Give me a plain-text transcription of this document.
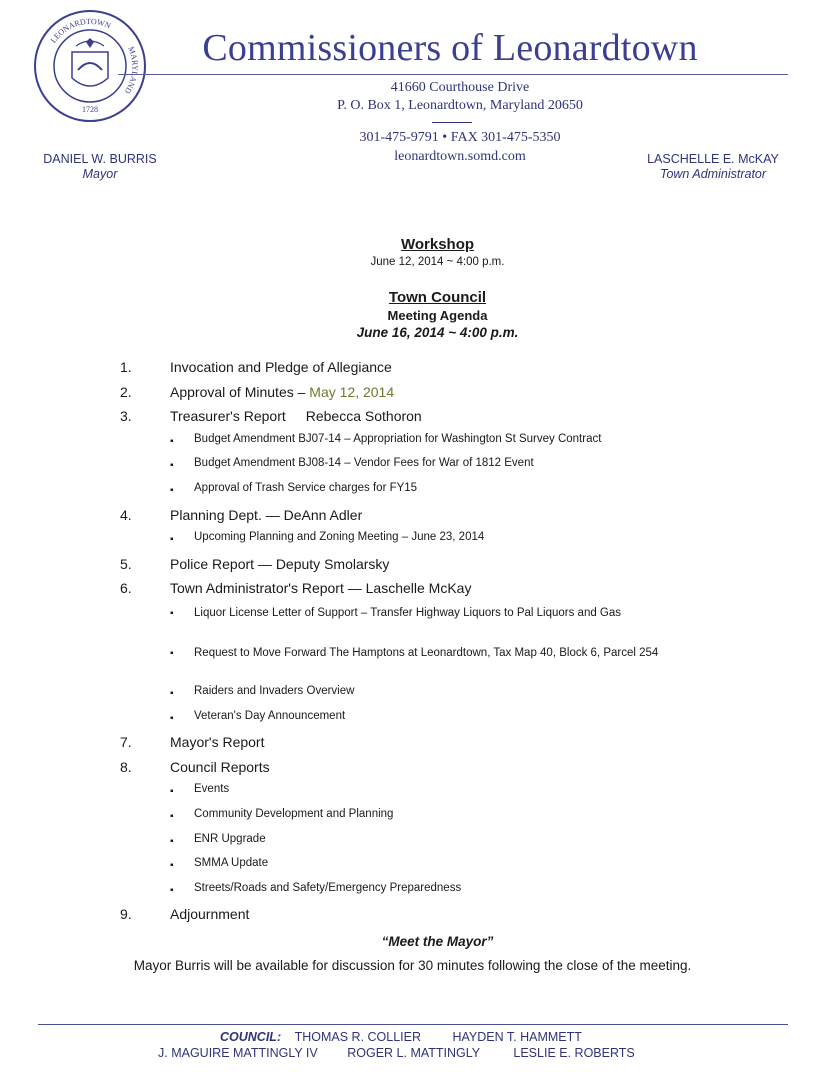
LEONARDTOWN
MARYLAND
1728
Commissioners of Leonardtown
41660 Courthouse Drive
P. O. Box 1, Leonardtown, Maryland 20650
301-475-9791 • FAX 301-475-5350
leonardtown.somd.com
DANIEL W. BURRIS
Mayor
LASCHELLE E. McKAY
Town Administrator
Workshop
June 12, 2014 ~ 4:00 p.m.
Town Council
Meeting Agenda
June 16, 2014 ~ 4:00 p.m.
1.	Invocation and Pledge of Allegiance
2.	Approval of Minutes – May 12, 2014
3.	Treasurer's Report Rebecca Sothoron
▪ Budget Amendment BJ07-14 – Appropriation for Washington St Survey Contract
▪ Budget Amendment BJ08-14 – Vendor Fees for War of 1812 Event
▪ Approval of Trash Service charges for FY15
4.	Planning Dept. — DeAnn Adler
▪ Upcoming Planning and Zoning Meeting – June 23, 2014
5.	Police Report — Deputy Smolarsky
6.	Town Administrator's Report — Laschelle McKay
▪ Liquor License Letter of Support – Transfer Highway Liquors to Pal Liquors and Gas
▪ Request to Move Forward The Hamptons at Leonardtown, Tax Map 40, Block 6, Parcel 254
▪ Raiders and Invaders Overview
▪ Veteran's Day Announcement
7.	Mayor's Report
8.	Council Reports
▪ Events
▪ Community Development and Planning
▪ ENR Upgrade
▪ SMMA Update
▪ Streets/Roads and Safety/Emergency Preparedness
9.	Adjournment
“Meet the Mayor”
Mayor Burris will be available for discussion for 30 minutes following the close of the meeting.
COUNCIL: THOMAS R. COLLIER	HAYDEN T. HAMMETT
J. MAGUIRE MATTINGLY IV ROGER L. MATTINGLY	LESLIE E. ROBERTS
